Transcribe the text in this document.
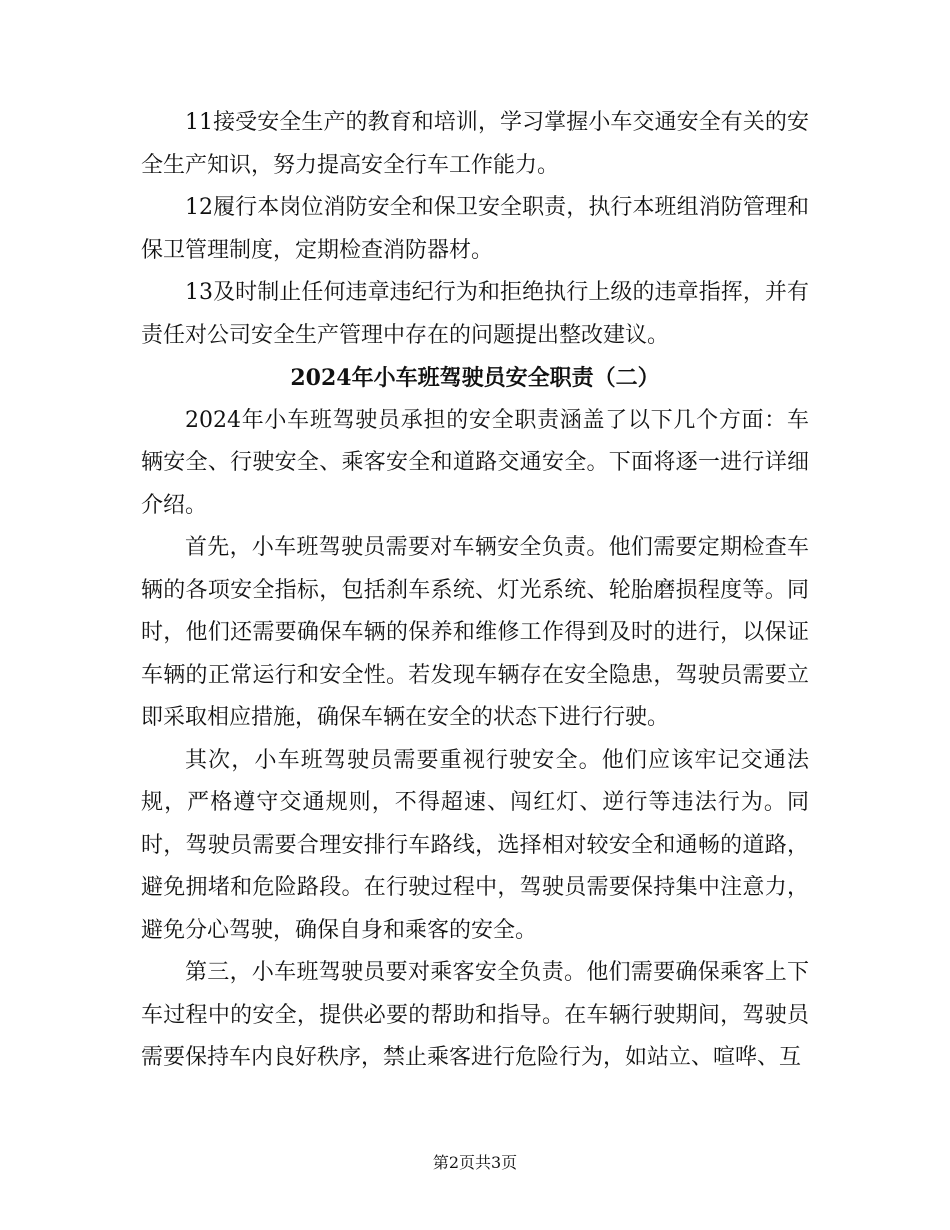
11接受安全生产的教育和培训，学习掌握小车交通安全有关的安全生产知识，努力提高安全行车工作能力。

12履行本岗位消防安全和保卫安全职责，执行本班组消防管理和保卫管理制度，定期检查消防器材。

13及时制止任何违章违纪行为和拒绝执行上级的违章指挥，并有责任对公司安全生产管理中存在的问题提出整改建议。

2024年小车班驾驶员安全职责（二）

2024年小车班驾驶员承担的安全职责涵盖了以下几个方面：车辆安全、行驶安全、乘客安全和道路交通安全。下面将逐一进行详细介绍。

首先，小车班驾驶员需要对车辆安全负责。他们需要定期检查车辆的各项安全指标，包括刹车系统、灯光系统、轮胎磨损程度等。同时，他们还需要确保车辆的保养和维修工作得到及时的进行，以保证车辆的正常运行和安全性。若发现车辆存在安全隐患，驾驶员需要立即采取相应措施，确保车辆在安全的状态下进行行驶。

其次，小车班驾驶员需要重视行驶安全。他们应该牢记交通法规，严格遵守交通规则，不得超速、闯红灯、逆行等违法行为。同时，驾驶员需要合理安排行车路线，选择相对较安全和通畅的道路，避免拥堵和危险路段。在行驶过程中，驾驶员需要保持集中注意力，避免分心驾驶，确保自身和乘客的安全。

第三，小车班驾驶员要对乘客安全负责。他们需要确保乘客上下车过程中的安全，提供必要的帮助和指导。在车辆行驶期间，驾驶员需要保持车内良好秩序，禁止乘客进行危险行为，如站立、喧哗、互

第2页共3页
